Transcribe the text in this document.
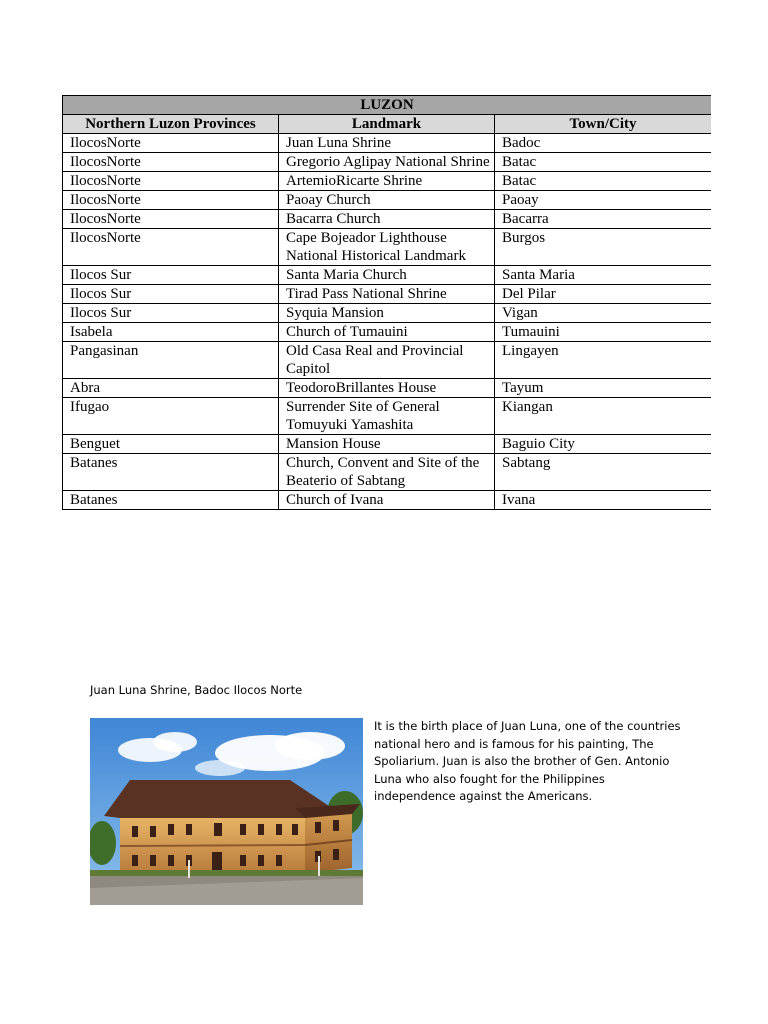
LUZON		
Northern Luzon Provinces	Landmark	Town/City
IlocosNorte	Juan Luna Shrine	Badoc
IlocosNorte	Gregorio Aglipay National Shrine	Batac
IlocosNorte	ArtemioRicarte Shrine	Batac
IlocosNorte	Paoay Church	Paoay
IlocosNorte	Bacarra Church	Bacarra
IlocosNorte	Cape Bojeador Lighthouse National Historical Landmark	Burgos
Ilocos Sur	Santa Maria Church	Santa Maria
Ilocos Sur	Tirad Pass National Shrine	Del Pilar
Ilocos Sur	Syquia Mansion	Vigan
Isabela	Church of Tumauini	Tumauini
Pangasinan	Old Casa Real and Provincial Capitol	Lingayen
Abra	TeodoroBrillantes House	Tayum
Ifugao	Surrender Site of General Tomuyuki Yamashita	Kiangan
Benguet	Mansion House	Baguio City
Batanes	Church, Convent and Site of the Beaterio of Sabtang	Sabtang
Batanes	Church of Ivana	Ivana
Juan Luna Shrine, Badoc Ilocos Norte
It is the birth place of Juan Luna, one of the countries national hero and is famous for his painting, The Spoliarium. Juan is also the brother of Gen. Antonio Luna who also fought for the Philippines independence against the Americans.
